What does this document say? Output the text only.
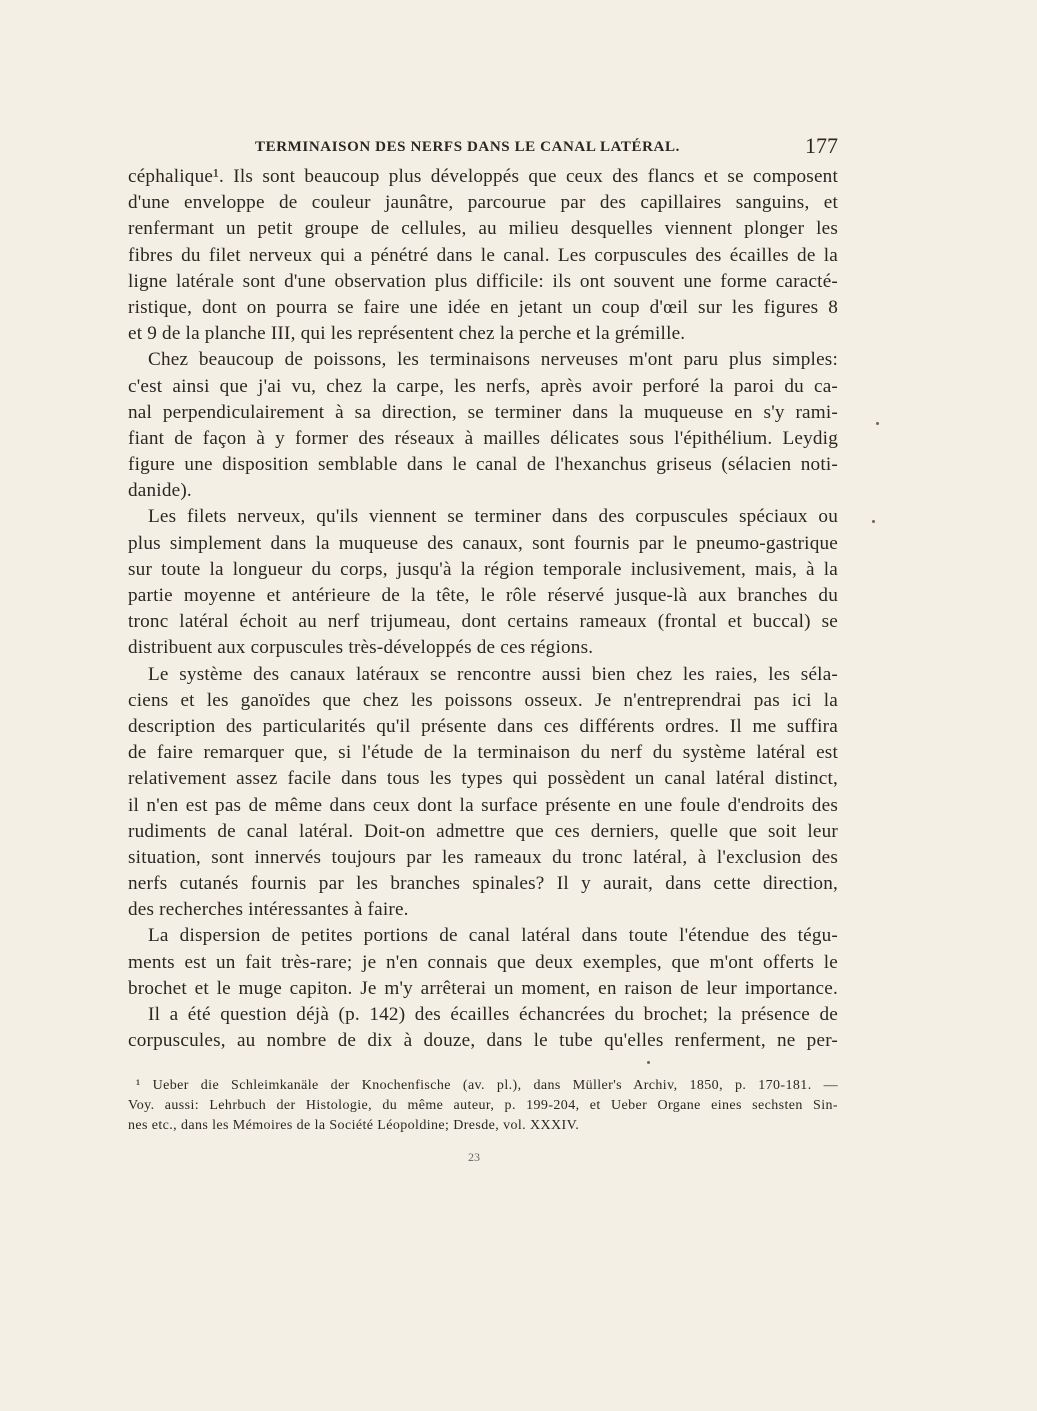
TERMINAISON DES NERFS DANS LE CANAL LATÉRAL.	177
céphalique¹. Ils sont beaucoup plus développés que ceux des flancs et se composent
d'une enveloppe de couleur jaunâtre, parcourue par des capillaires sanguins, et
renfermant un petit groupe de cellules, au milieu desquelles viennent plonger les
fibres du filet nerveux qui a pénétré dans le canal. Les corpuscules des écailles de la
ligne latérale sont d'une observation plus difficile: ils ont souvent une forme caracté-
ristique, dont on pourra se faire une idée en jetant un coup d'œil sur les figures 8
et 9 de la planche III, qui les représentent chez la perche et la grémille.
Chez beaucoup de poissons, les terminaisons nerveuses m'ont paru plus simples:
c'est ainsi que j'ai vu, chez la carpe, les nerfs, après avoir perforé la paroi du ca-
nal perpendiculairement à sa direction, se terminer dans la muqueuse en s'y rami-
fiant de façon à y former des réseaux à mailles délicates sous l'épithélium. Leydig
figure une disposition semblable dans le canal de l'hexanchus griseus (sélacien noti-
danide).
Les filets nerveux, qu'ils viennent se terminer dans des corpuscules spéciaux ou
plus simplement dans la muqueuse des canaux, sont fournis par le pneumo-gastrique
sur toute la longueur du corps, jusqu'à la région temporale inclusivement, mais, à la
partie moyenne et antérieure de la tête, le rôle réservé jusque-là aux branches du
tronc latéral échoit au nerf trijumeau, dont certains rameaux (frontal et buccal) se
distribuent aux corpuscules très-développés de ces régions.
Le système des canaux latéraux se rencontre aussi bien chez les raies, les séla-
ciens et les ganoïdes que chez les poissons osseux. Je n'entreprendrai pas ici la
description des particularités qu'il présente dans ces différents ordres. Il me suffira
de faire remarquer que, si l'étude de la terminaison du nerf du système latéral est
relativement assez facile dans tous les types qui possèdent un canal latéral distinct,
il n'en est pas de même dans ceux dont la surface présente en une foule d'endroits des
rudiments de canal latéral. Doit-on admettre que ces derniers, quelle que soit leur
situation, sont innervés toujours par les rameaux du tronc latéral, à l'exclusion des
nerfs cutanés fournis par les branches spinales? Il y aurait, dans cette direction,
des recherches intéressantes à faire.
La dispersion de petites portions de canal latéral dans toute l'étendue des tégu-
ments est un fait très-rare; je n'en connais que deux exemples, que m'ont offerts le
brochet et le muge capiton. Je m'y arrêterai un moment, en raison de leur importance.
Il a été question déjà (p. 142) des écailles échancrées du brochet; la présence de
corpuscules, au nombre de dix à douze, dans le tube qu'elles renferment, ne per-
¹ Ueber die Schleimkanäle der Knochenfische (av. pl.), dans Müller's Archiv, 1850, p. 170-181. —
Voy. aussi: Lehrbuch der Histologie, du même auteur, p. 199-204, et Ueber Organe eines sechsten Sin-
nes etc., dans les Mémoires de la Société Léopoldine; Dresde, vol. XXXIV.
23
